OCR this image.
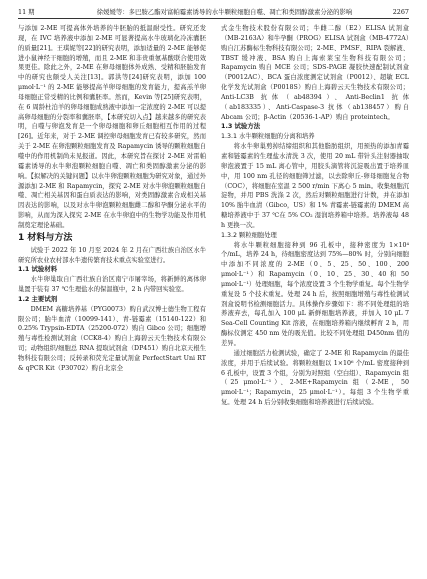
11 期	徐媛媛等：多巴胺乙酯对富帕霉素诱导的水牛颗粒细胞自噬、凋亡和类固醇激素分泌的影响	2267

与添加 2-ME 可提高体外培养的牛胚胎的抵温耐受性。研究还发现，在 IVC 培养液中添加 2-ME 可显著提高水牛玻璃化冷冻囊胚的质量[21]。王琪妮等[22]的研究表明，添加适量的 2-ME 能够促进小鼠神经干细胞的增殖，而且 2-ME 和非贵重氨基酸联合使用效果更佳。除此之外，2-ME 在卵母细胞体外成熟、受精和胚胎发育中的研究也颇受人关注[13]。郭洪等[24]研究表明，添加 100 μmol·L⁻¹ 的 2-ME 能够提高羊卵母细胞的发育能力，提高羔羊卵母细胞正常受精的比例和囊胚率。然而，Kevin 等[25]研究表明，在 6 周龄杜泊羊的卵母细胞成熟液中添加一定浓度的 2-ME 可以提高卵母细胞的分裂率和囊胚率，【本研究切入点】越来越多的研究表明，自噬与卵泡发育是一个卵母细胞和卵丘细胞相互作用的过程[26]。近年来，对于 2-ME 调控卵母细胞发育已有较多研究，然而关于 2-ME 在卵泡颗粒细胞发育及 Rapamycin 诱导的颗粒细胞自噬中的作用机制尚未见报道。因此，本研究旨在探讨 2-ME 对雷帕霉素诱导的水牛卵泡颗粒细胞自噬、凋亡和类固醇激素分泌的影响。【拟解决的关键问题】以水牛卵泡颗粒细胞为研究对象，通过外源添加 2-ME 和 Rapamycin，探究 2-ME 对水牛卵泡颗粒细胞自噬、凋亡相关基因和蛋白质表达的影响，对类固醇激素合成相关基因表达的影响，以及对水牛卵泡颗粒细胞雌二醇和孕酮分泌水平的影响，从而为深入探究 2-ME 在水牛卵泡中的生物学功能及作用机制奠定理论基础。

1 材料与方法

试验于 2022 年 10 月至 2024 年 2 月在广西壮族自治区水牛研究所农业农村部水牛遗传繁育技术重点实验室进行。

1.1 试验材料

水牛卵巢取自广西壮族自治区南宁市屠宰场，将新鲜的离体卵巢置于装有 37 ℃生理盐水的保温瓶中，2 h 内带回实验室。

1.2 主要试剂

DMEM 高糖培养基（PYG0073）购自武汉博士德生物工程有限公司；胎牛血清（10099-141）、青-链霉素（15140-122）和 0.25% Trypsin-EDTA（25200-072）购自 Gibco 公司；细胞增殖与毒性检测试剂盒（CCK8-4）购自上海碧云天生物技术有限公司；动物组织/细胞总 RNA 提取试剂盒（DP451）购自北京天根生物科技有限公司；反转录和荧光定量试剂盒 PerfectStart Uni RT & qPCR Kit（P30702）购自北京全

式金生物技术股份有限公司；牛雌二醇（E2）ELISA 试剂盒（MB-2163A）和牛孕酮（PROG）ELISA 试剂盒（MB-4772A）购自江苏酶标生物科技有限公司；2-ME、PMSF、RIPA 裂解液、TBST 缓冲液、BSA 购自上海索莱宝生物科技有限公司；Rapamycin 购自 MCE 公司；SDS-PAGE 凝胶快速配制试剂盒（P0012AC）、BCA 蛋白浓度测定试剂盒（P0012）、超敏 ECL 化学发光试剂盒（P0018S）购自上海碧云天生物技术有限公司；Anti-LC3B 抗体（ab48394）、Anti-Beclin1 抗体（ab183335）、Anti-Caspase-3 抗体（ab138457）购自 Abcam 公司；β-Actin（20536-1-AP）购自 proteintech。

1.3 试验方法
1.3.1 水牛颗粒细胞的分离和培养

将水牛卵巢剪掉结缔组织和其他脂肪组织，用预热的添加青霉素和链霉素的生理盐水清洗 3 次，使用 20 mL 带针头注射器抽取卵泡液置于 15 mL 离心管中，用胶头滴管将沉淀吸出置于培养皿中，用 100 nm 孔径的细胞筛过滤，以去除卵丘-卵母细胞复合物（COC），将细胞在室温 2 500 r/min 下离心 5 min。收集细胞沉淀物，并用 PBS 洗涤 2 次，然后对颗粒细胞进行计数，并在添加 10% 胎牛血清（Gibco，US）和 1% 青霉素-链霉素的 DMEM 高糖培养液中于 37 ℃在 5% CO₂ 湿润培养箱中培养。培养液每 48 h 更换一次。

1.3.2 颗粒细胞处理

将水牛颗粒细胞接种到 96 孔板中，接种密度为 1×10⁴ 个/mL，培养 24 h，待细胞密度达到 75%—80% 时，分别向细胞中添加不同浓度的 2-ME（0、5、25、50、100、200 μmol·L⁻¹）和 Rapamycin（0、10、25、30、40 和 50 μmol·L⁻¹）处理细胞，每个浓度设置 3 个生物学重复。每个生物学重复设 5 个技术重复。处理 24 h 后，按照细胞增殖与毒性检测试剂盒说明书检测细胞活力。具体操作步骤如下：将不同处理组的培养液弃去，每孔加入 100 μL 新鲜细胞培养液，并加入 10 μL 7 Sea-Cell Counting Kit 溶液，在细胞培养箱内继续孵育 2 h，用酶标仪测定 450 nm 处的吸光值。比较不同处理组 D450nm 值的差异。

通过细胞活力检测试验，确定了 2-ME 和 Rapamycin 的最佳浓度，并用于后续试验。将颗粒细胞以 1×10⁶ 个/mL 密度接种到 6 孔板中，设置 3 个组，分别为对照组（空白组）、Rapamycin 组（25 μmol·L⁻¹）、2-ME+Rapamycin 组（2-ME，50 μmol·L⁻¹；Rapamycin，25 μmol·L⁻¹）。每组 3 个生物学重复。处理 24 h 后分别收集细胞和培养液进行后续试验。
